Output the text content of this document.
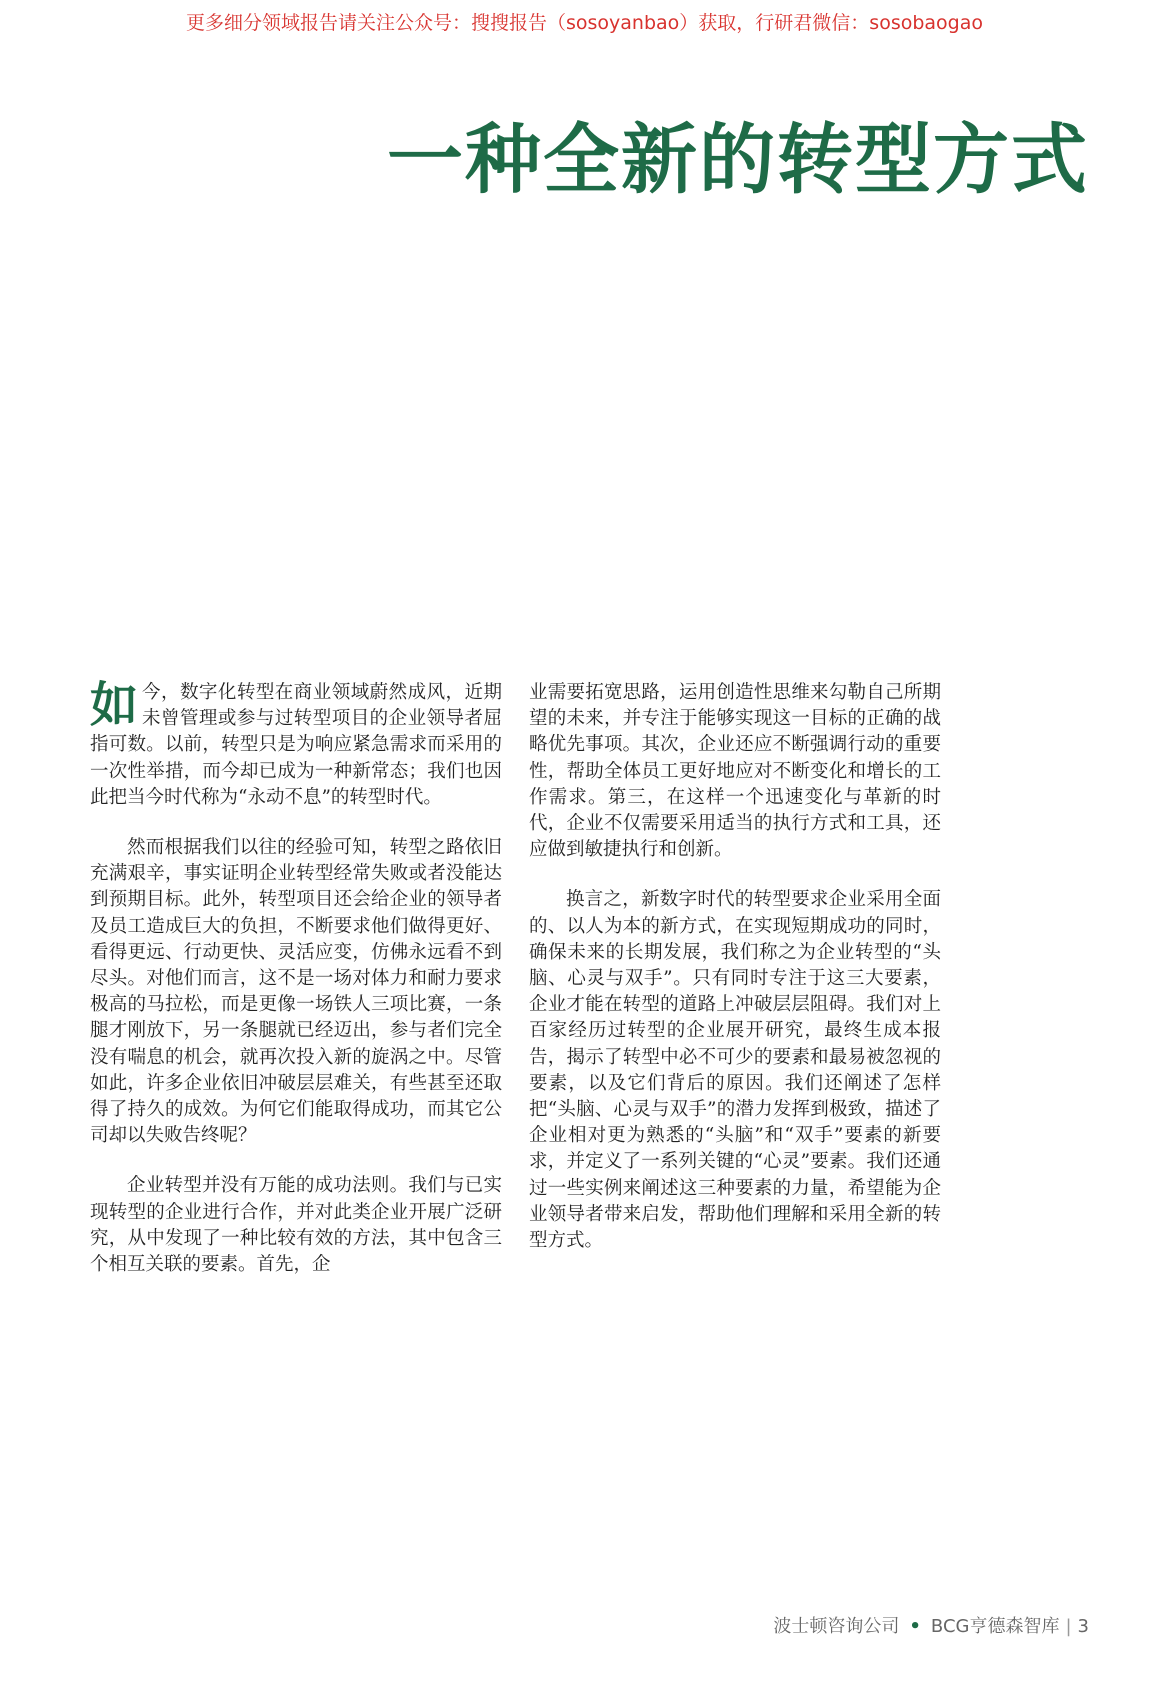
更多细分领域报告请关注公众号：搜搜报告（sosoyanbao）获取，行研君微信：sosobaogao
一种全新的转型方式

如今，数字化转型在商业领域蔚然成风，近期未曾管理或参与过转型项目的企业领导者屈指可数。以前，转型只是为响应紧急需求而采用的一次性举措，而今却已成为一种新常态；我们也因此把当今时代称为“永动不息”的转型时代。

然而根据我们以往的经验可知，转型之路依旧充满艰辛，事实证明企业转型经常失败或者没能达到预期目标。此外，转型项目还会给企业的领导者及员工造成巨大的负担，不断要求他们做得更好、看得更远、行动更快、灵活应变，仿佛永远看不到尽头。对他们而言，这不是一场对体力和耐力要求极高的马拉松，而是更像一场铁人三项比赛，一条腿才刚放下，另一条腿就已经迈出，参与者们完全没有喘息的机会，就再次投入新的旋涡之中。尽管如此，许多企业依旧冲破层层难关，有些甚至还取得了持久的成效。为何它们能取得成功，而其它公司却以失败告终呢？

企业转型并没有万能的成功法则。我们与已实现转型的企业进行合作，并对此类企业开展广泛研究，从中发现了一种比较有效的方法，其中包含三个相互关联的要素。首先，企

业需要拓宽思路，运用创造性思维来勾勒自己所期望的未来，并专注于能够实现这一目标的正确的战略优先事项。其次，企业还应不断强调行动的重要性，帮助全体员工更好地应对不断变化和增长的工作需求。第三，在这样一个迅速变化与革新的时代，企业不仅需要采用适当的执行方式和工具，还应做到敏捷执行和创新。

换言之，新数字时代的转型要求企业采用全面的、以人为本的新方式，在实现短期成功的同时，确保未来的长期发展，我们称之为企业转型的“头脑、心灵与双手”。只有同时专注于这三大要素，企业才能在转型的道路上冲破层层阻碍。我们对上百家经历过转型的企业展开研究，最终生成本报告，揭示了转型中必不可少的要素和最易被忽视的要素，以及它们背后的原因。我们还阐述了怎样把“头脑、心灵与双手”的潜力发挥到极致，描述了企业相对更为熟悉的“头脑”和“双手”要素的新要求，并定义了一系列关键的“心灵”要素。我们还通过一些实例来阐述这三种要素的力量，希望能为企业领导者带来启发，帮助他们理解和采用全新的转型方式。

波士顿咨询公司 • BCG亨德森智库 | 3
